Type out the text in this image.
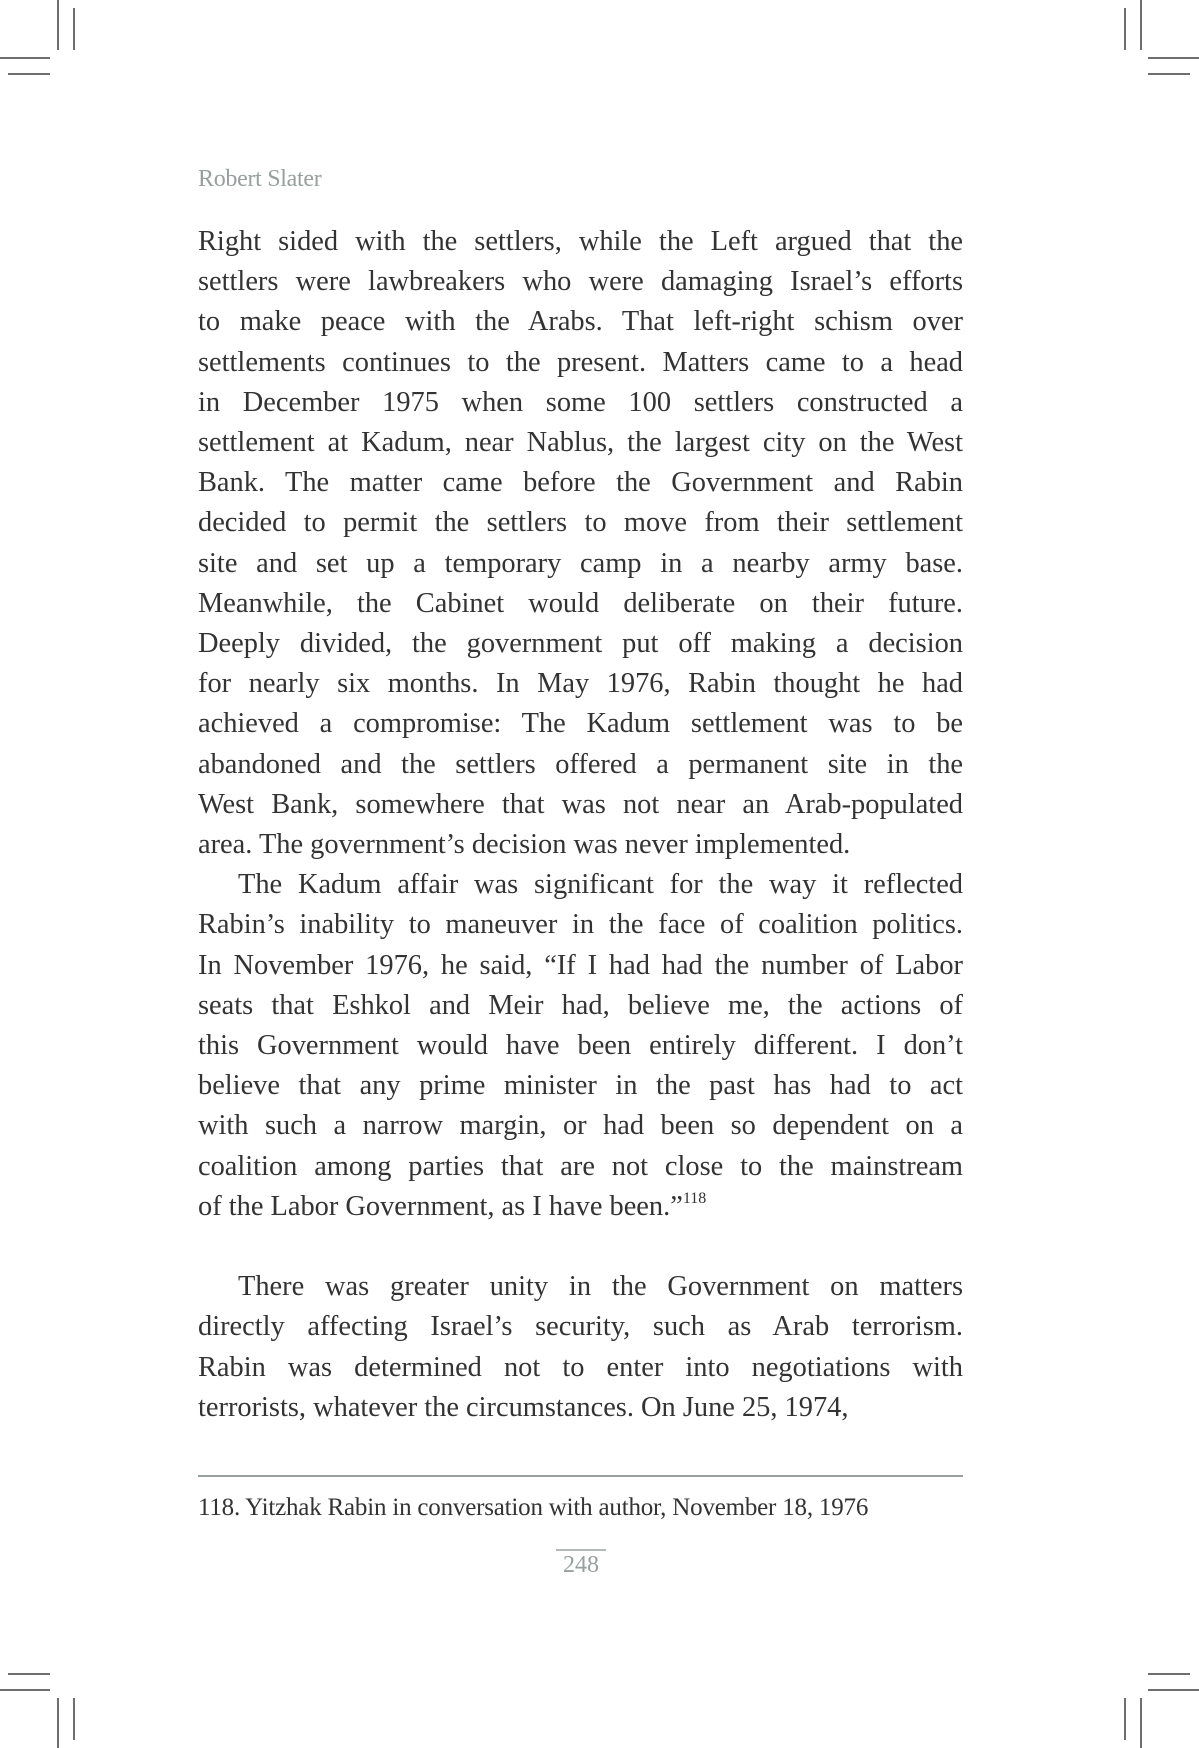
Robert Slater

Right sided with the settlers, while the Left argued that the
settlers were lawbreakers who were damaging Israel’s efforts
to make peace with the Arabs. That left-right schism over
settlements continues to the present. Matters came to a head
in December 1975 when some 100 settlers constructed a
settlement at Kadum, near Nablus, the largest city on the West
Bank. The matter came before the Government and Rabin
decided to permit the settlers to move from their settlement
site and set up a temporary camp in a nearby army base.
Meanwhile, the Cabinet would deliberate on their future.
Deeply divided, the government put off making a decision
for nearly six months. In May 1976, Rabin thought he had
achieved a compromise: The Kadum settlement was to be
abandoned and the settlers offered a permanent site in the
West Bank, somewhere that was not near an Arab-populated
area. The government’s decision was never implemented.

The Kadum affair was significant for the way it reflected
Rabin’s inability to maneuver in the face of coalition politics.
In November 1976, he said, “If I had had the number of Labor
seats that Eshkol and Meir had, believe me, the actions of
this Government would have been entirely different. I don’t
believe that any prime minister in the past has had to act
with such a narrow margin, or had been so dependent on a
coalition among parties that are not close to the mainstream
of the Labor Government, as I have been.”$^{118}$

There was greater unity in the Government on matters
directly affecting Israel’s security, such as Arab terrorism.
Rabin was determined not to enter into negotiations with
terrorists, whatever the circumstances. On June 25, 1974,

118. Yitzhak Rabin in conversation with author, November 18, 1976
248
